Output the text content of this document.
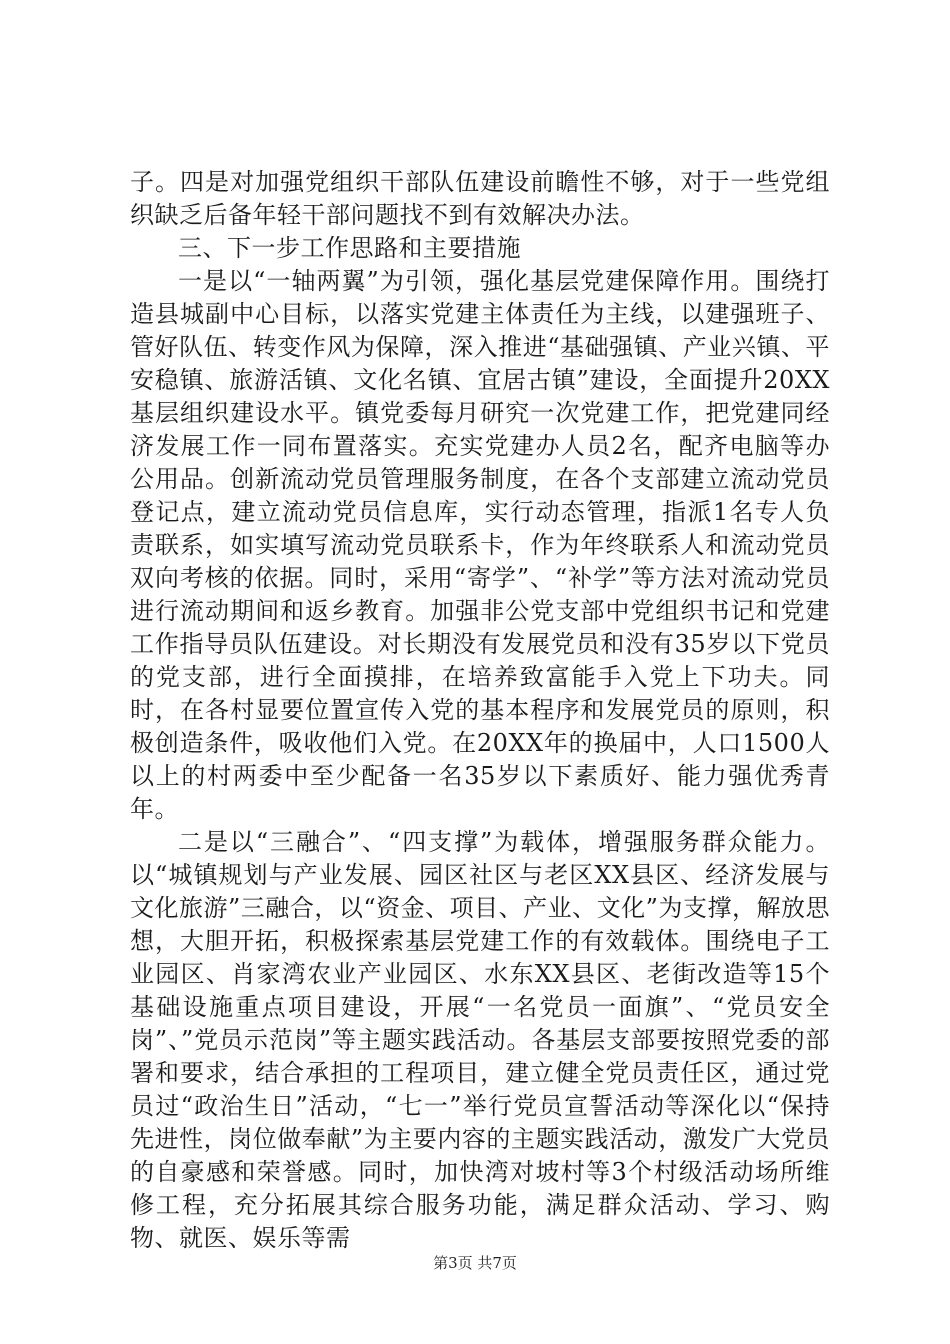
子。四是对加强党组织干部队伍建设前瞻性不够，对于一些党组织缺乏后备年轻干部问题找不到有效解决办法。

三、下一步工作思路和主要措施

一是以“一轴两翼”为引领，强化基层党建保障作用。围绕打造县城副中心目标，以落实党建主体责任为主线，以建强班子、管好队伍、转变作风为保障，深入推进“基础强镇、产业兴镇、平安稳镇、旅游活镇、文化名镇、宜居古镇”建设，全面提升20XX基层组织建设水平。镇党委每月研究一次党建工作，把党建同经济发展工作一同布置落实。充实党建办人员2名，配齐电脑等办公用品。创新流动党员管理服务制度，在各个支部建立流动党员登记点，建立流动党员信息库，实行动态管理，指派1名专人负责联系，如实填写流动党员联系卡，作为年终联系人和流动党员双向考核的依据。同时，采用“寄学”、“补学”等方法对流动党员进行流动期间和返乡教育。加强非公党支部中党组织书记和党建工作指导员队伍建设。对长期没有发展党员和没有35岁以下党员的党支部，进行全面摸排，在培养致富能手入党上下功夫。同时，在各村显要位置宣传入党的基本程序和发展党员的原则，积极创造条件，吸收他们入党。在20XX年的换届中，人口1500人以上的村两委中至少配备一名35岁以下素质好、能力强优秀青年。

二是以“三融合”、“四支撑”为载体，增强服务群众能力。以“城镇规划与产业发展、园区社区与老区XX县区、经济发展与文化旅游”三融合，以“资金、项目、产业、文化”为支撑，解放思想，大胆开拓，积极探索基层党建工作的有效载体。围绕电子工业园区、肖家湾农业产业园区、水东XX县区、老街改造等15个基础设施重点项目建设，开展“一名党员一面旗”、“党员安全岗”、”党员示范岗”等主题实践活动。各基层支部要按照党委的部署和要求，结合承担的工程项目，建立健全党员责任区，通过党员过“政治生日”活动，“七一”举行党员宣誓活动等深化以“保持先进性，岗位做奉献”为主要内容的主题实践活动，激发广大党员的自豪感和荣誉感。同时，加快湾对坡村等3个村级活动场所维修工程，充分拓展其综合服务功能，满足群众活动、学习、购物、就医、娱乐等需

第3页 共7页
